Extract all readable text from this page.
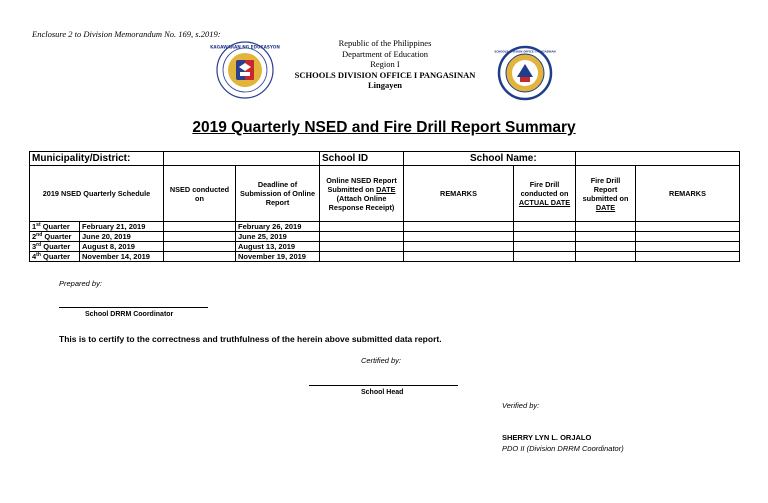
Enclosure 2 to Division Memorandum No. 169, s.2019:
KAGAWARAN NG EDUKASYON	Republic of the Philippines
Department of Education
Region I
SCHOOLS DIVISION OFFICE I PANGASINAN
Lingayen
SCHOOLS DIVISION OFFICE I PANGASINAN
2019 Quarterly NSED and Fire Drill Report Summary
Municipality/District:				School ID	School Name:			
2019 NSED Quarterly Schedule		NSED conducted on	Deadline of Submission of Online Report	Online NSED Report Submitted on DATE (Attach Online Response Receipt)	REMARKS	Fire Drill conducted on ACTUAL DATE	Fire Drill Report submitted on DATE	REMARKS
1st Quarter	February 21, 2019		February 26, 2019					
2nd Quarter	June 20, 2019		June 25, 2019					
3rd Quarter	August 8, 2019		August 13, 2019					
4th Quarter	November 14, 2019		November 19, 2019					
Prepared by:
School DRRM Coordinator
This is to certify to the correctness and truthfulness of the herein above submitted data report.
Certified by:
School Head
Verified by:
SHERRY LYN L. ORJALO
PDO II (Division DRRM Coordinator)
